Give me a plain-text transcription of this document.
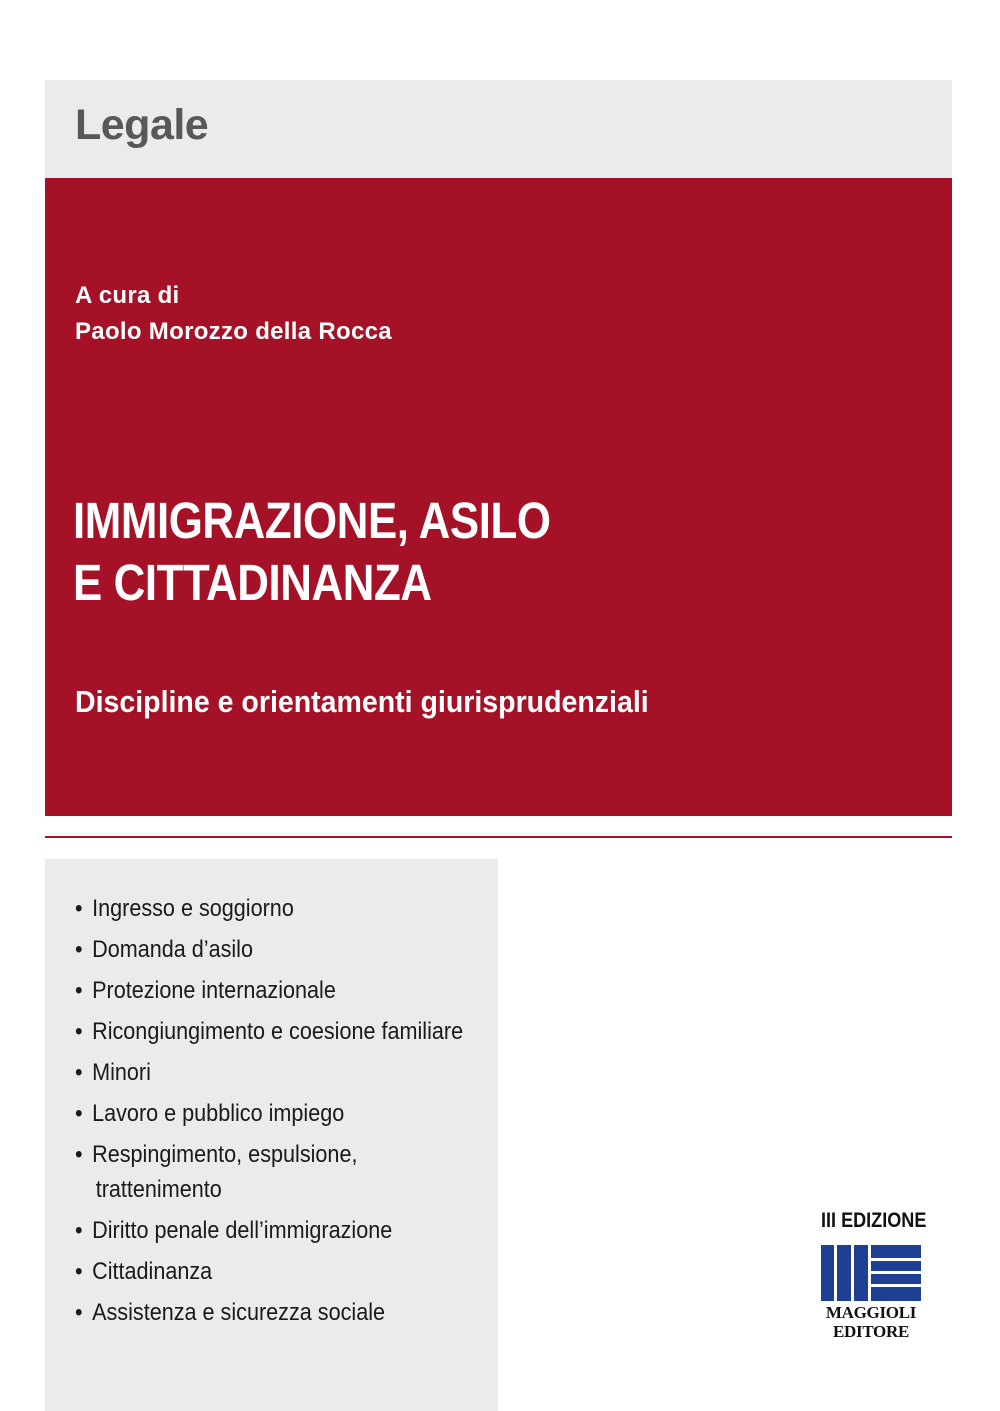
Legale
A cura di
Paolo Morozzo della Rocca
IMMIGRAZIONE, ASILO
E CITTADINANZA
Discipline e orientamenti giurisprudenziali
• Ingresso e soggiorno
• Domanda d’asilo
• Protezione internazionale
• Ricongiungimento e coesione familiare
• Minori
• Lavoro e pubblico impiego
• Respingimento, espulsione,
trattenimento
• Diritto penale dell’immigrazione
• Cittadinanza
• Assistenza e sicurezza sociale
III EDIZIONE
MAGGIOLI
EDITORE
